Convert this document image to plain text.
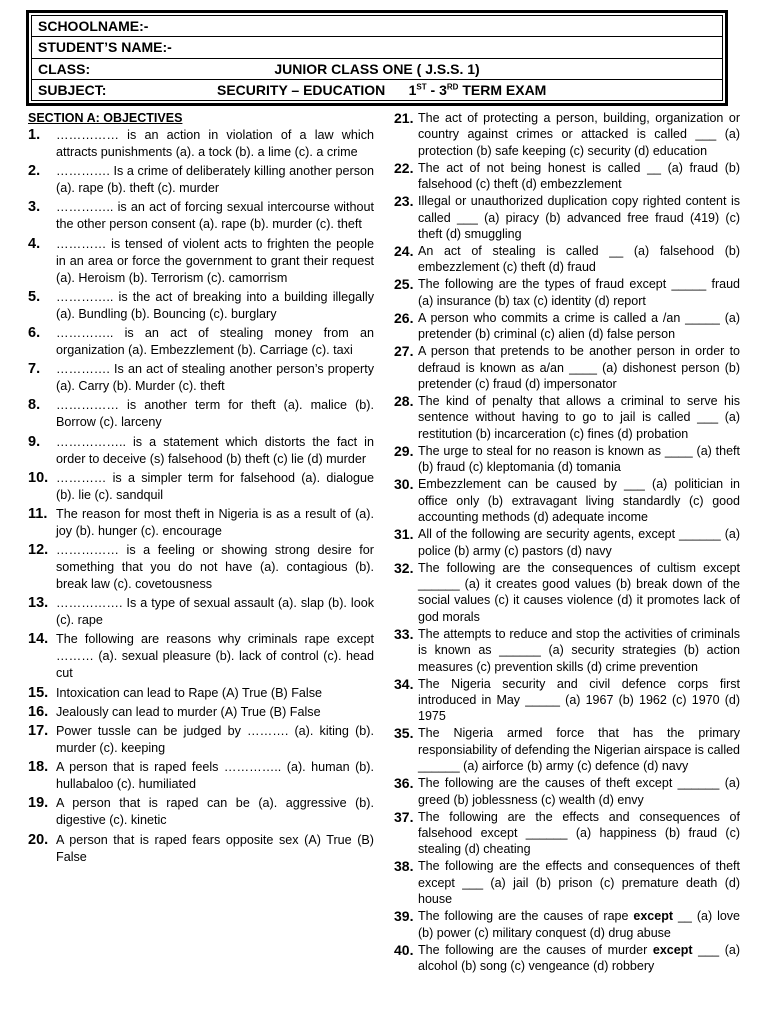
SCHOOLNAME:-
STUDENT’S NAME:-
CLASS:	JUNIOR CLASS ONE ( J.S.S. 1)

SUBJECT:	SECURITY – EDUCATION 1ST - 3RD TERM EXAM
SECTION A: OBJECTIVES
1. …………… is an action in violation of a law which attracts punishments (a). a tock (b). a lime (c). a crime
2. …………. Is a crime of deliberately killing another person (a). rape (b). theft (c). murder
3. ………….. is an act of forcing sexual intercourse without the other person consent (a). rape (b). murder (c). theft
4. ………… is tensed of violent acts to frighten the people in an area or force the government to grant their request (a). Heroism (b). Terrorism (c). camorrism
5. ………….. is the act of breaking into a building illegally (a). Bundling (b). Bouncing (c). burglary
6. ………….. is an act of stealing money from an organization (a). Embezzlement (b). Carriage (c). taxi
7. …………. Is an act of stealing another person’s property (a). Carry (b). Murder (c). theft
8. …………… is another term for theft (a). malice (b). Borrow (c). larceny
9. …………….. is a statement which distorts the fact in order to deceive (s) falsehood (b) theft (c) lie (d) murder
10. ………… is a simpler term for falsehood (a). dialogue (b). lie (c). sandquil
11. The reason for most theft in Nigeria is as a result of (a). joy (b). hunger (c). encourage
12. …………… is a feeling or showing strong desire for something that you do not have (a). contagious (b). break law (c). covetousness
13. ……………. Is a type of sexual assault (a). slap (b). look (c). rape
14. The following are reasons why criminals rape except ……… (a). sexual pleasure (b). lack of control (c). head cut
15. Intoxication can lead to Rape (A) True (B) False
16. Jealously can lead to murder (A) True (B) False
17. Power tussle can be judged by ………. (a). kiting (b). murder (c). keeping
18. A person that is raped feels ………….. (a). human (b). hullabaloo (c). humiliated
19. A person that is raped can be (a). aggressive (b). digestive (c). kinetic
20. A person that is raped fears opposite sex (A) True (B) False
21. The act of protecting a person, building, organization or country against crimes or attacked is called ___ (a) protection (b) safe keeping (c) security (d) education
22. The act of not being honest is called __ (a) fraud (b) falsehood (c) theft (d) embezzlement
23. Illegal or unauthorized duplication copy righted content is called ___ (a) piracy (b) advanced free fraud (419) (c) theft (d) smuggling
24. An act of stealing is called __ (a) falsehood (b) embezzlement (c) theft (d) fraud
25. The following are the types of fraud except _____ fraud (a) insurance (b) tax (c) identity (d) report
26. A person who commits a crime is called a /an _____ (a) pretender (b) criminal (c) alien (d) false person
27. A person that pretends to be another person in order to defraud is known as a/an ____ (a) dishonest person (b) pretender (c) fraud (d) impersonator
28. The kind of penalty that allows a criminal to serve his sentence without having to go to jail is called ___ (a) restitution (b) incarceration (c) fines (d) probation
29. The urge to steal for no reason is known as ____ (a) theft (b) fraud (c) kleptomania (d) tomania
30. Embezzlement can be caused by ___ (a) politician in office only (b) extravagant living standardly (c) good accounting methods (d) adequate income
31. All of the following are security agents, except ______ (a) police (b) army (c) pastors (d) navy
32. The following are the consequences of cultism except ______ (a) it creates good values (b) break down of the social values (c) it causes violence (d) it promotes lack of god morals
33. The attempts to reduce and stop the activities of criminals is known as ______ (a) security strategies (b) action measures (c) prevention skills (d) crime prevention
34. The Nigeria security and civil defence corps first introduced in May _____ (a) 1967 (b) 1962 (c) 1970 (d) 1975
35. The Nigeria armed force that has the primary responsiability of defending the Nigerian airspace is called ______ (a) airforce (b) army (c) defence (d) navy
36. The following are the causes of theft except ______ (a) greed (b) joblessness (c) wealth (d) envy
37. The following are the effects and consequences of falsehood except ______ (a) happiness (b) fraud (c) stealing (d) cheating
38. The following are the effects and consequences of theft except ___ (a) jail (b) prison (c) premature death (d) house
39. The following are the causes of rape except __ (a) love (b) power (c) military conquest (d) drug abuse
40. The following are the causes of murder except ___ (a) alcohol (b) song (c) vengeance (d) robbery
